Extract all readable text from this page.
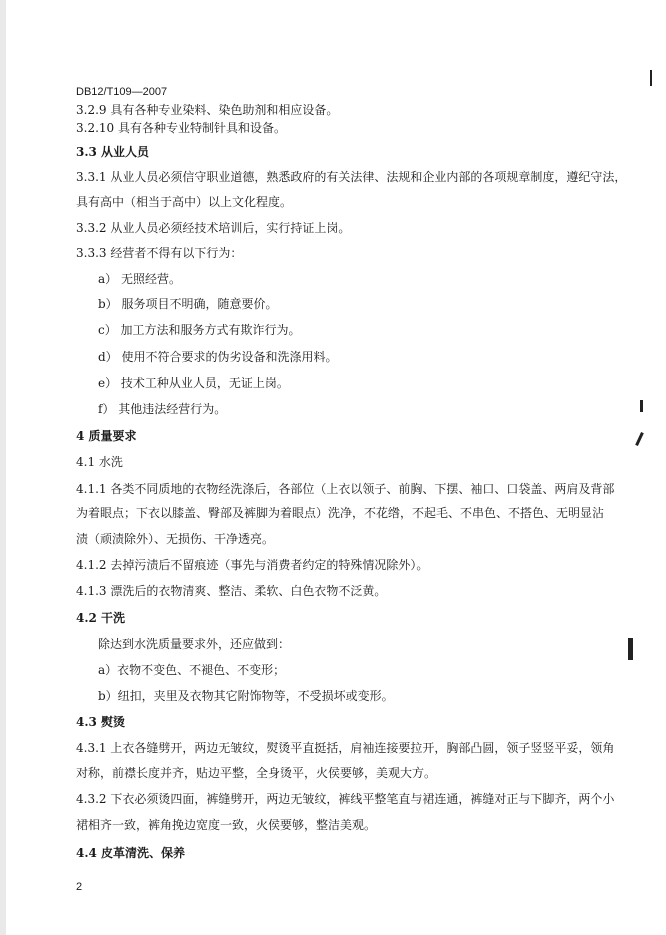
DB12/T109—2007
3.2.9 具有各种专业染料、染色助剂和相应设备。
3.2.10 具有各种专业特制针具和设备。
3.3 从业人员
3.3.1 从业人员必须信守职业道德，熟悉政府的有关法律、法规和企业内部的各项规章制度，遵纪守法，
具有高中（相当于高中）以上文化程度。
3.3.2 从业人员必须经技术培训后，实行持证上岗。
3.3.3 经营者不得有以下行为：
a） 无照经营。
b） 服务项目不明确，随意要价。
c） 加工方法和服务方式有欺诈行为。
d） 使用不符合要求的伪劣设备和洗涤用料。
e） 技术工种从业人员，无证上岗。
f） 其他违法经营行为。
4 质量要求
4.1 水洗
4.1.1 各类不同质地的衣物经洗涤后，各部位（上衣以领子、前胸、下摆、袖口、口袋盖、两肩及背部
为着眼点；下衣以膝盖、臀部及裤脚为着眼点）洗净，不花绺，不起毛、不串色、不搭色、无明显沾
渍（顽渍除外）、无损伤、干净透亮。
4.1.2 去掉污渍后不留痕迹（事先与消费者约定的特殊情况除外）。
4.1.3 漂洗后的衣物清爽、整洁、柔软、白色衣物不泛黄。
4.2 干洗
除达到水洗质量要求外，还应做到：
a）衣物不变色、不褪色、不变形；
b）纽扣，夹里及衣物其它附饰物等，不受损坏或变形。
4.3 熨烫
4.3.1 上衣各缝劈开，两边无皱纹，熨烫平直挺括，肩袖连接要拉开，胸部凸圆，领子竖竖平妥，领角
对称，前襟长度并齐，贴边平整，全身烫平，火侯要够，美观大方。
4.3.2 下衣必须烫四面，裤缝劈开，两边无皱纹，裤线平整笔直与裙连通，裤缝对正与下脚齐，两个小
裙相齐一致，裤角挽边宽度一致，火侯要够，整洁美观。
4.4 皮革清洗、保养
2
